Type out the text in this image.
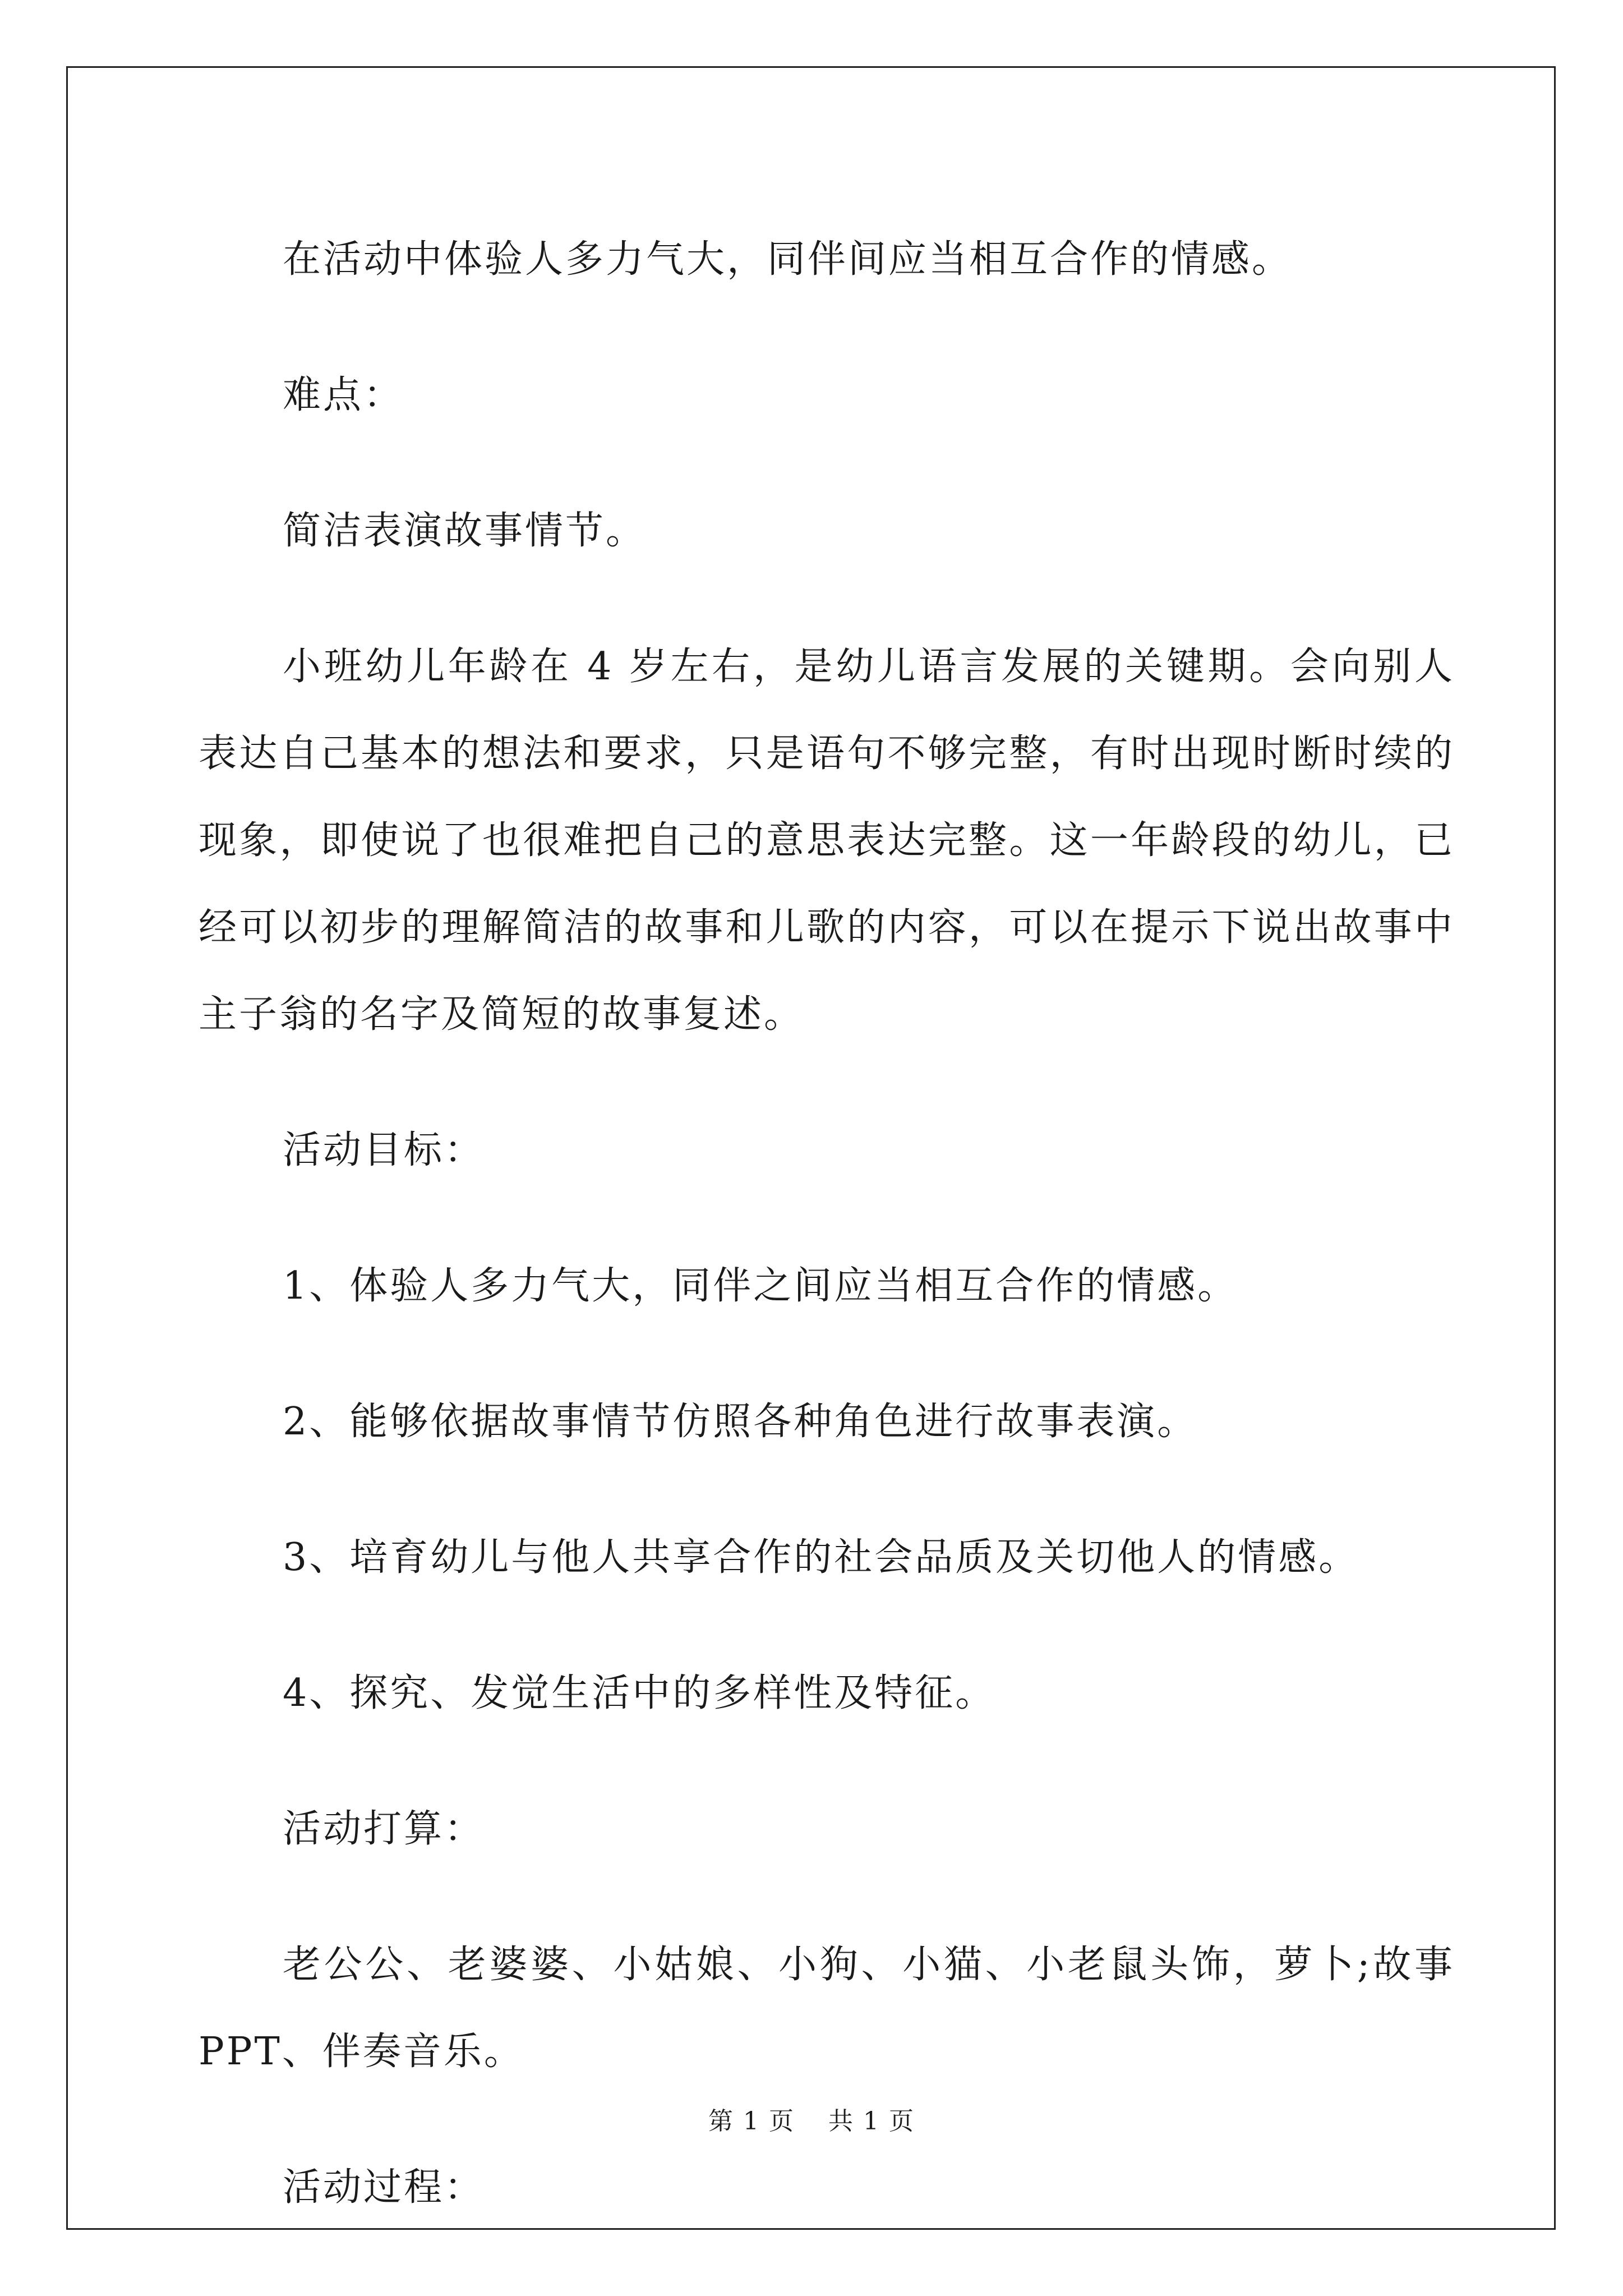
在活动中体验人多力气大，同伴间应当相互合作的情感。

难点：

简洁表演故事情节。

小班幼儿年龄在 4 岁左右，是幼儿语言发展的关键期。会向别人表达自己基本的想法和要求，只是语句不够完整，有时出现时断时续的现象，即使说了也很难把自己的意思表达完整。这一年龄段的幼儿，已经可以初步的理解简洁的故事和儿歌的内容，可以在提示下说出故事中主子翁的名字及简短的故事复述。

活动目标：

1、体验人多力气大，同伴之间应当相互合作的情感。

2、能够依据故事情节仿照各种角色进行故事表演。

3、培育幼儿与他人共享合作的社会品质及关切他人的情感。

4、探究、发觉生活中的多样性及特征。

活动打算：

老公公、老婆婆、小姑娘、小狗、小猫、小老鼠头饰，萝卜;故事PPT、伴奏音乐。

活动过程：

第 1 页 共 1 页
